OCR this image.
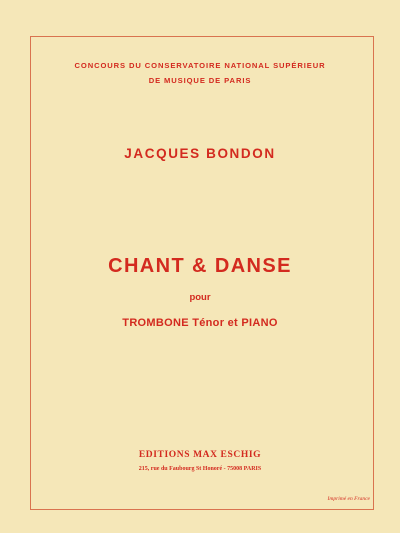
CONCOURS DU CONSERVATOIRE NATIONAL SUPÉRIEUR
DE MUSIQUE DE PARIS
JACQUES BONDON
CHANT & DANSE
pour
TROMBONE Ténor et PIANO
EDITIONS MAX ESCHIG
215, rue du Faubourg St Honoré - 75008 PARIS
Imprimé en France
